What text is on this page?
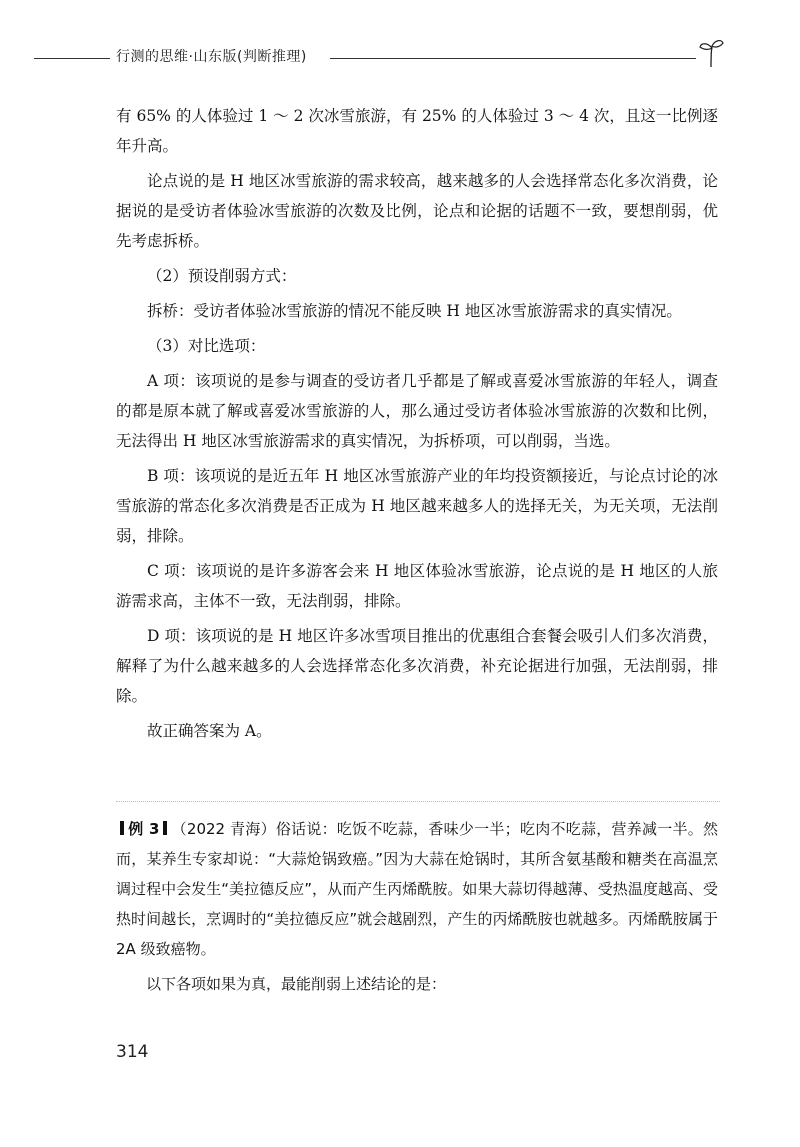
行测的思维·山东版(判断推理)

有 65% 的人体验过 1 ～ 2 次冰雪旅游，有 25% 的人体验过 3 ～ 4 次，且这一比例逐年升高。

论点说的是 H 地区冰雪旅游的需求较高，越来越多的人会选择常态化多次消费，论据说的是受访者体验冰雪旅游的次数及比例，论点和论据的话题不一致，要想削弱，优先考虑拆桥。

（2）预设削弱方式：

拆桥：受访者体验冰雪旅游的情况不能反映 H 地区冰雪旅游需求的真实情况。

（3）对比选项：

A 项：该项说的是参与调查的受访者几乎都是了解或喜爱冰雪旅游的年轻人，调查的都是原本就了解或喜爱冰雪旅游的人，那么通过受访者体验冰雪旅游的次数和比例，无法得出 H 地区冰雪旅游需求的真实情况，为拆桥项，可以削弱，当选。

B 项：该项说的是近五年 H 地区冰雪旅游产业的年均投资额接近，与论点讨论的冰雪旅游的常态化多次消费是否正成为 H 地区越来越多人的选择无关，为无关项，无法削弱，排除。

C 项：该项说的是许多游客会来 H 地区体验冰雪旅游，论点说的是 H 地区的人旅游需求高，主体不一致，无法削弱，排除。

D 项：该项说的是 H 地区许多冰雪项目推出的优惠组合套餐会吸引人们多次消费，解释了为什么越来越多的人会选择常态化多次消费，补充论据进行加强，无法削弱，排除。

故正确答案为 A。

例 3 （2022 青海）俗话说：吃饭不吃蒜，香味少一半；吃肉不吃蒜，营养减一半。然而，某养生专家却说：“大蒜炝锅致癌。”因为大蒜在炝锅时，其所含氨基酸和糖类在高温烹调过程中会发生“美拉德反应”，从而产生丙烯酰胺。如果大蒜切得越薄、受热温度越高、受热时间越长，烹调时的“美拉德反应”就会越剧烈，产生的丙烯酰胺也就越多。丙烯酰胺属于 2A 级致癌物。

以下各项如果为真，最能削弱上述结论的是：

314
